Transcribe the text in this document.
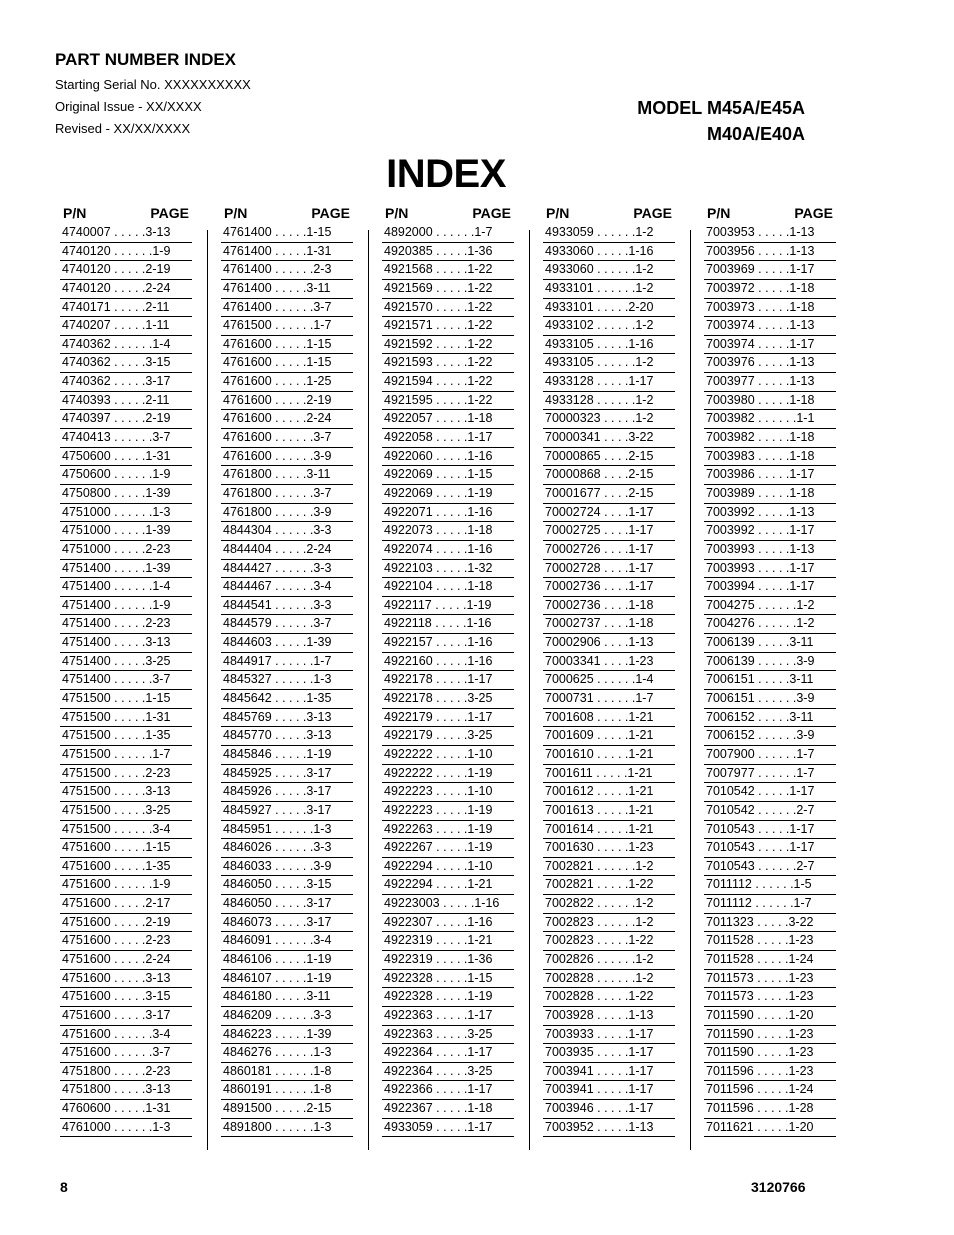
PART NUMBER INDEX
Starting Serial No. XXXXXXXXXX
Original Issue - XX/XXXX
Revised - XX/XX/XXXX
MODEL M45A/E45A
M40A/E40A
INDEX
P/N	PAGE
4740007 . . . . .3-13
4740120 . . . . . .1-9
4740120 . . . . .2-19
4740120 . . . . .2-24
4740171 . . . . .2-11
4740207 . . . . .1-11
4740362 . . . . . .1-4
4740362 . . . . .3-15
4740362 . . . . .3-17
4740393 . . . . .2-11
4740397 . . . . .2-19
4740413 . . . . . .3-7
4750600 . . . . .1-31
4750600 . . . . . .1-9
4750800 . . . . .1-39
4751000 . . . . . .1-3
4751000 . . . . .1-39
4751000 . . . . .2-23
4751400 . . . . .1-39
4751400 . . . . . .1-4
4751400 . . . . . .1-9
4751400 . . . . .2-23
4751400 . . . . .3-13
4751400 . . . . .3-25
4751400 . . . . . .3-7
4751500 . . . . .1-15
4751500 . . . . .1-31
4751500 . . . . .1-35
4751500 . . . . . .1-7
4751500 . . . . .2-23
4751500 . . . . .3-13
4751500 . . . . .3-25
4751500 . . . . . .3-4
4751600 . . . . .1-15
4751600 . . . . .1-35
4751600 . . . . . .1-9
4751600 . . . . .2-17
4751600 . . . . .2-19
4751600 . . . . .2-23
4751600 . . . . .2-24
4751600 . . . . .3-13
4751600 . . . . .3-15
4751600 . . . . .3-17
4751600 . . . . . .3-4
4751600 . . . . . .3-7
4751800 . . . . .2-23
4751800 . . . . .3-13
4760600 . . . . .1-31
4761000 . . . . . .1-3
P/N	PAGE
4761400 . . . . .1-15
4761400 . . . . .1-31
4761400 . . . . . .2-3
4761400 . . . . .3-11
4761400 . . . . . .3-7
4761500 . . . . . .1-7
4761600 . . . . .1-15
4761600 . . . . .1-15
4761600 . . . . .1-25
4761600 . . . . .2-19
4761600 . . . . .2-24
4761600 . . . . . .3-7
4761600 . . . . . .3-9
4761800 . . . . .3-11
4761800 . . . . . .3-7
4761800 . . . . . .3-9
4844304 . . . . . .3-3
4844404 . . . . .2-24
4844427 . . . . . .3-3
4844467 . . . . . .3-4
4844541 . . . . . .3-3
4844579 . . . . . .3-7
4844603 . . . . .1-39
4844917 . . . . . .1-7
4845327 . . . . . .1-3
4845642 . . . . .1-35
4845769 . . . . .3-13
4845770 . . . . .3-13
4845846 . . . . .1-19
4845925 . . . . .3-17
4845926 . . . . .3-17
4845927 . . . . .3-17
4845951 . . . . . .1-3
4846026 . . . . . .3-3
4846033 . . . . . .3-9
4846050 . . . . .3-15
4846050 . . . . .3-17
4846073 . . . . .3-17
4846091 . . . . . .3-4
4846106 . . . . .1-19
4846107 . . . . .1-19
4846180 . . . . .3-11
4846209 . . . . . .3-3
4846223 . . . . .1-39
4846276 . . . . . .1-3
4860181 . . . . . .1-8
4860191 . . . . . .1-8
4891500 . . . . .2-15
4891800 . . . . . .1-3
P/N	PAGE
4892000 . . . . . .1-7
4920385 . . . . .1-36
4921568 . . . . .1-22
4921569 . . . . .1-22
4921570 . . . . .1-22
4921571 . . . . .1-22
4921592 . . . . .1-22
4921593 . . . . .1-22
4921594 . . . . .1-22
4921595 . . . . .1-22
4922057 . . . . .1-18
4922058 . . . . .1-17
4922060 . . . . .1-16
4922069 . . . . .1-15
4922069 . . . . .1-19
4922071 . . . . .1-16
4922073 . . . . .1-18
4922074 . . . . .1-16
4922103 . . . . .1-32
4922104 . . . . .1-18
4922117 . . . . .1-19
4922118 . . . . .1-16
4922157 . . . . .1-16
4922160 . . . . .1-16
4922178 . . . . .1-17
4922178 . . . . .3-25
4922179 . . . . .1-17
4922179 . . . . .3-25
4922222 . . . . .1-10
4922222 . . . . .1-19
4922223 . . . . .1-10
4922223 . . . . .1-19
4922263 . . . . .1-19
4922267 . . . . .1-19
4922294 . . . . .1-10
4922294 . . . . .1-21
49223003 . . . . .1-16
4922307 . . . . .1-16
4922319 . . . . .1-21
4922319 . . . . .1-36
4922328 . . . . .1-15
4922328 . . . . .1-19
4922363 . . . . .1-17
4922363 . . . . .3-25
4922364 . . . . .1-17
4922364 . . . . .3-25
4922366 . . . . .1-17
4922367 . . . . .1-18
4933059 . . . . .1-17
P/N	PAGE
4933059 . . . . . .1-2
4933060 . . . . .1-16
4933060 . . . . . .1-2
4933101 . . . . . .1-2
4933101 . . . . .2-20
4933102 . . . . . .1-2
4933105 . . . . .1-16
4933105 . . . . . .1-2
4933128 . . . . .1-17
4933128 . . . . . .1-2
70000323 . . . . .1-2
70000341 . . . .3-22
70000865 . . . .2-15
70000868 . . . .2-15
70001677 . . . .2-15
70002724 . . . .1-17
70002725 . . . .1-17
70002726 . . . .1-17
70002728 . . . .1-17
70002736 . . . .1-17
70002736 . . . .1-18
70002737 . . . .1-18
70002906 . . . .1-13
70003341 . . . .1-23
7000625 . . . . . .1-4
7000731 . . . . . .1-7
7001608 . . . . .1-21
7001609 . . . . .1-21
7001610 . . . . .1-21
7001611 . . . . .1-21
7001612 . . . . .1-21
7001613 . . . . .1-21
7001614 . . . . .1-21
7001630 . . . . .1-23
7002821 . . . . . .1-2
7002821 . . . . .1-22
7002822 . . . . . .1-2
7002823 . . . . . .1-2
7002823 . . . . .1-22
7002826 . . . . . .1-2
7002828 . . . . . .1-2
7002828 . . . . .1-22
7003928 . . . . .1-13
7003933 . . . . .1-17
7003935 . . . . .1-17
7003941 . . . . .1-17
7003941 . . . . .1-17
7003946 . . . . .1-17
7003952 . . . . .1-13
P/N	PAGE
7003953 . . . . .1-13
7003956 . . . . .1-13
7003969 . . . . .1-17
7003972 . . . . .1-18
7003973 . . . . .1-18
7003974 . . . . .1-13
7003974 . . . . .1-17
7003976 . . . . .1-13
7003977 . . . . .1-13
7003980 . . . . .1-18
7003982 . . . . . .1-1
7003982 . . . . .1-18
7003983 . . . . .1-18
7003986 . . . . .1-17
7003989 . . . . .1-18
7003992 . . . . .1-13
7003992 . . . . .1-17
7003993 . . . . .1-13
7003993 . . . . .1-17
7003994 . . . . .1-17
7004275 . . . . . .1-2
7004276 . . . . . .1-2
7006139 . . . . .3-11
7006139 . . . . . .3-9
7006151 . . . . .3-11
7006151 . . . . . .3-9
7006152 . . . . .3-11
7006152 . . . . . .3-9
7007900 . . . . . .1-7
7007977 . . . . . .1-7
7010542 . . . . .1-17
7010542 . . . . . .2-7
7010543 . . . . .1-17
7010543 . . . . .1-17
7010543 . . . . . .2-7
7011112 . . . . . .1-5
7011112 . . . . . .1-7
7011323 . . . . .3-22
7011528 . . . . .1-23
7011528 . . . . .1-24
7011573 . . . . .1-23
7011573 . . . . .1-23
7011590 . . . . .1-20
7011590 . . . . .1-23
7011590 . . . . .1-23
7011596 . . . . .1-23
7011596 . . . . .1-24
7011596 . . . . .1-28
7011621 . . . . .1-20
8	3120766
